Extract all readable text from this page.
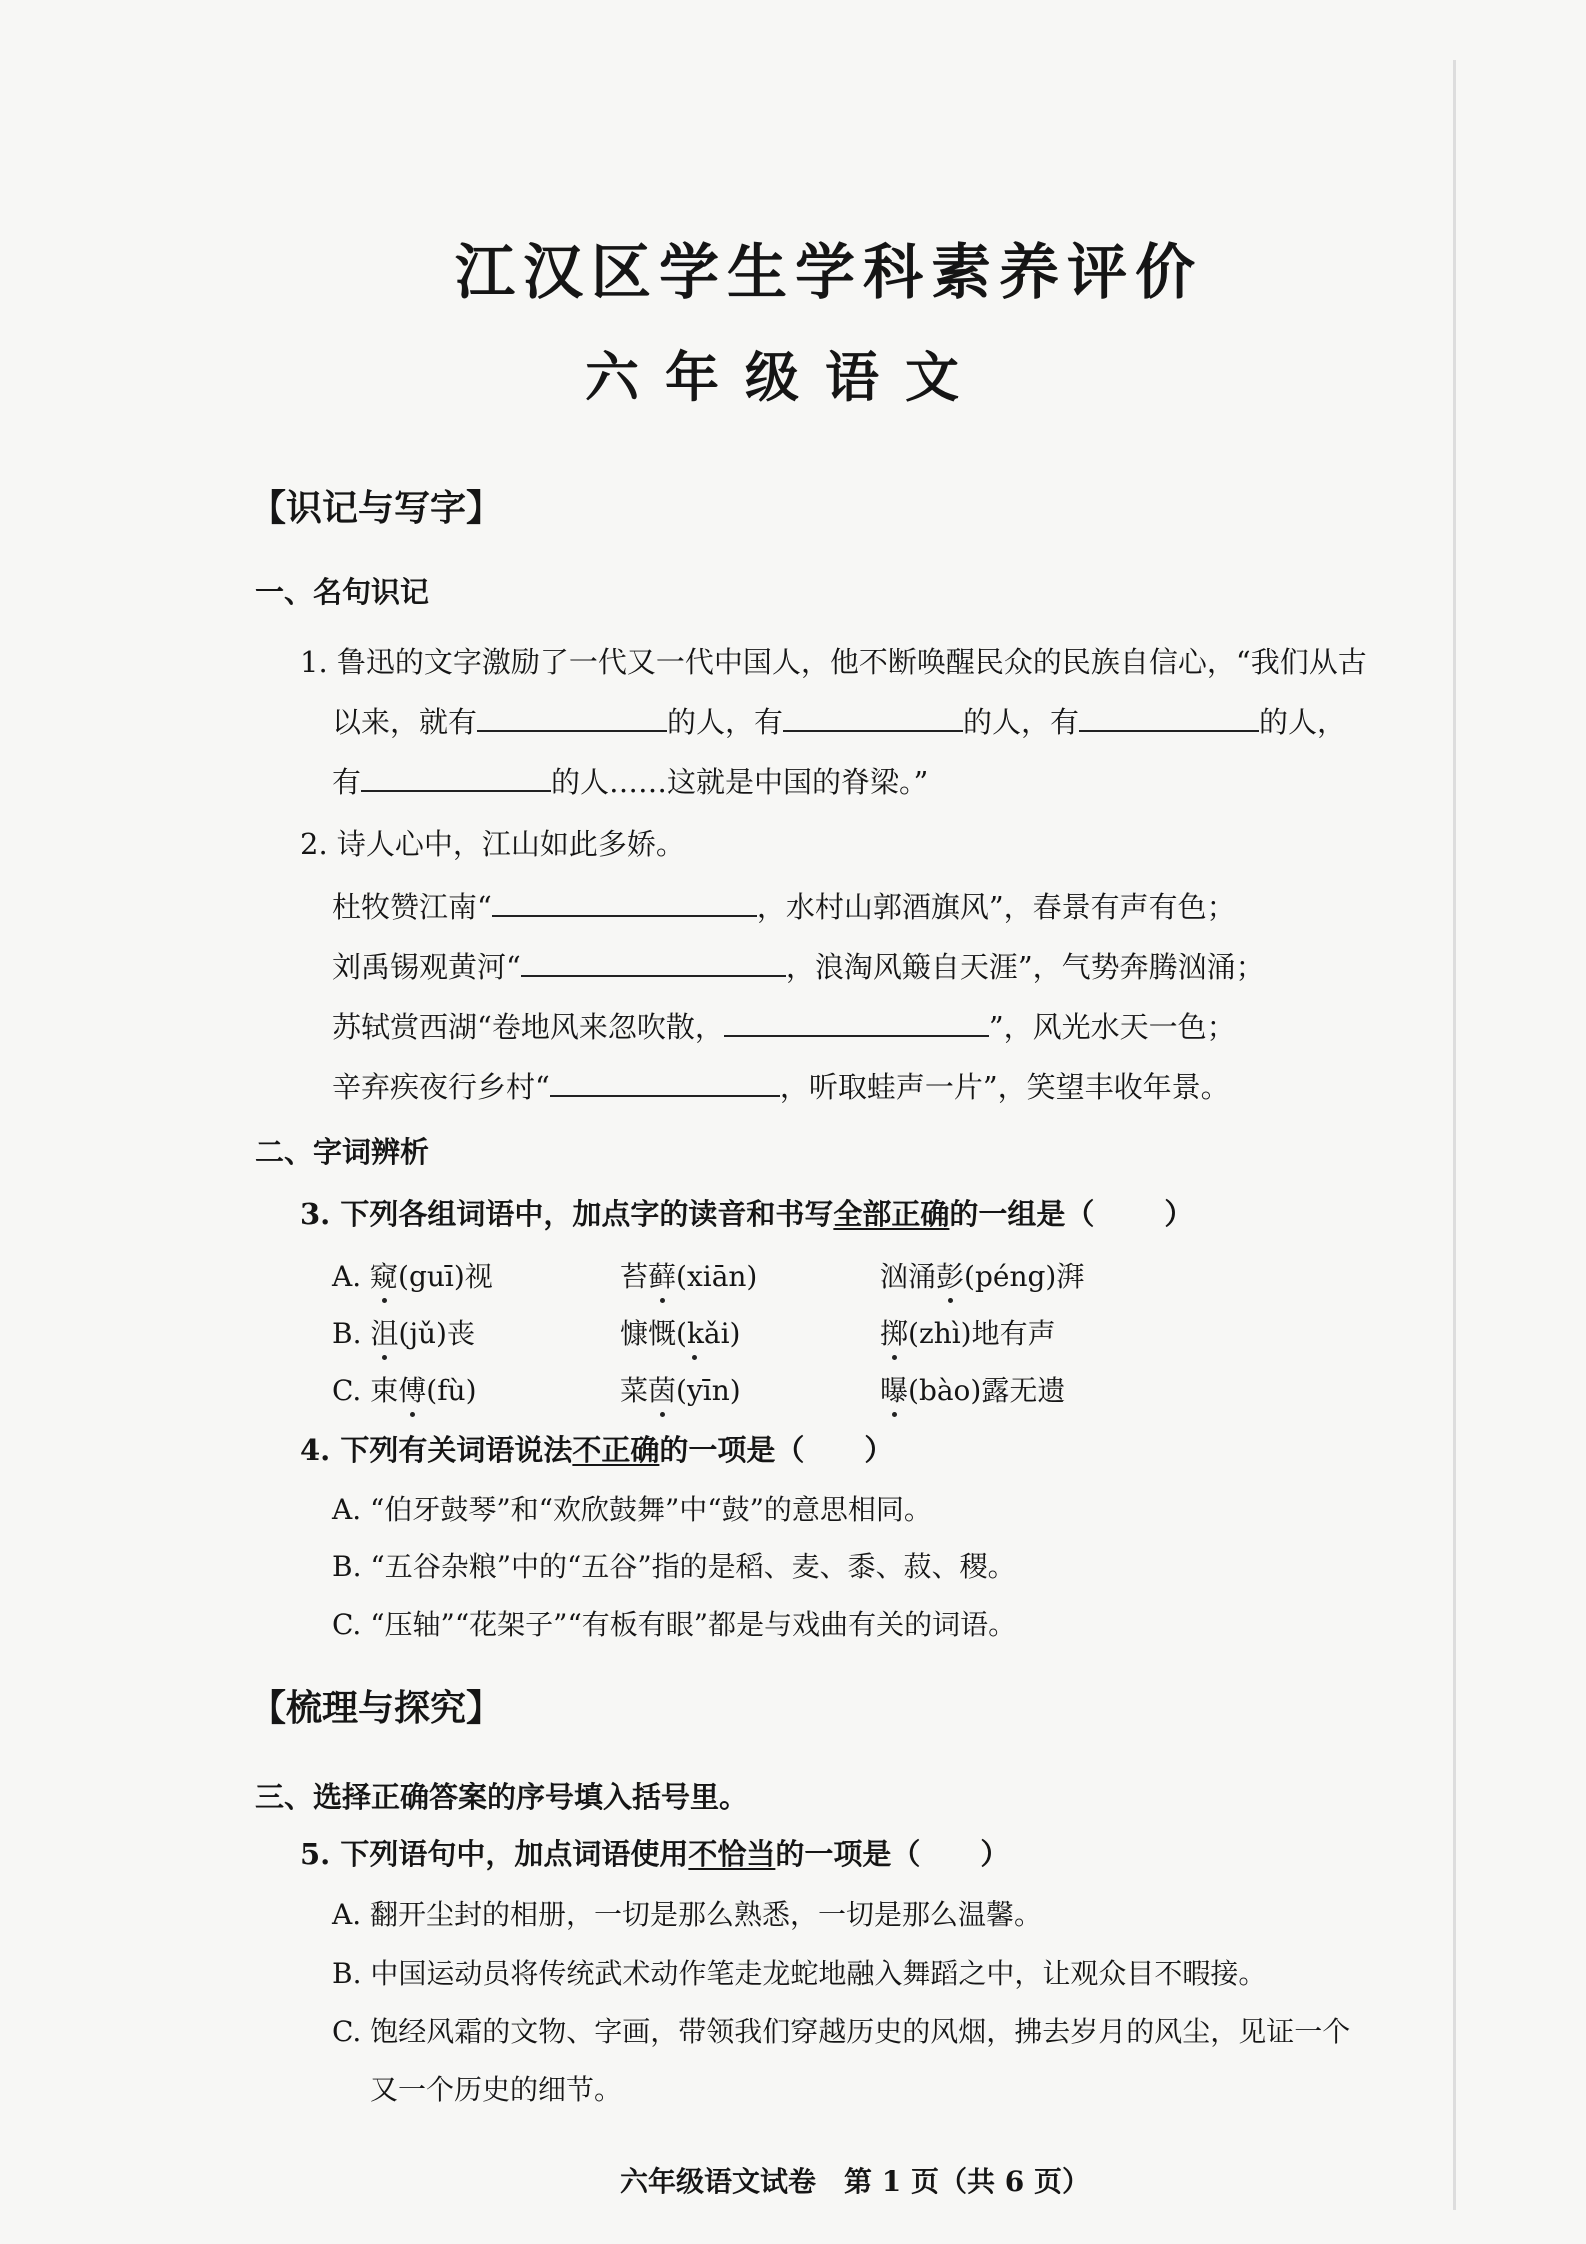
江汉区学生学科素养评价
六年级语文
【识记与写字】
一、名句识记
1. 鲁迅的文字激励了一代又一代中国人，他不断唤醒民众的民族自信心，“我们从古
以来，就有	的人，有	的人，有	的人，
有	的人……这就是中国的脊梁。”
2. 诗人心中，江山如此多娇。
杜牧赞江南“	，水村山郭酒旗风”，春景有声有色；
刘禹锡观黄河“	，浪淘风簸自天涯”，气势奔腾汹涌；
苏轼赏西湖“卷地风来忽吹散，	”，风光水天一色；
辛弃疾夜行乡村“	，听取蛙声一片”，笑望丰收年景。
二、字词辨析
3. 下列各组词语中，加点字的读音和书写全部正确的一组是（ ）
A. 窥(guī)视	苔藓(xiān)	汹涌彭(péng)湃
B. 沮(jǔ)丧	慷慨(kǎi)	掷(zhì)地有声
C. 束傅(fù)	菜茵(yīn)	曝(bào)露无遗
4. 下列有关词语说法不正确的一项是（ ）
A. “伯牙鼓琴”和“欢欣鼓舞”中“鼓”的意思相同。
B. “五谷杂粮”中的“五谷”指的是稻、麦、黍、菽、稷。
C. “压轴”“花架子”“有板有眼”都是与戏曲有关的词语。
【梳理与探究】
三、选择正确答案的序号填入括号里。
5. 下列语句中，加点词语使用不恰当的一项是（ ）
A. 翻开尘封的相册，一切是那么熟悉，一切是那么温馨。
B. 中国运动员将传统武术动作笔走龙蛇地融入舞蹈之中，让观众目不暇接。
C. 饱经风霜的文物、字画，带领我们穿越历史的风烟，拂去岁月的风尘，见证一个
又一个历史的细节。
六年级语文试卷　第 1 页（共 6 页）
